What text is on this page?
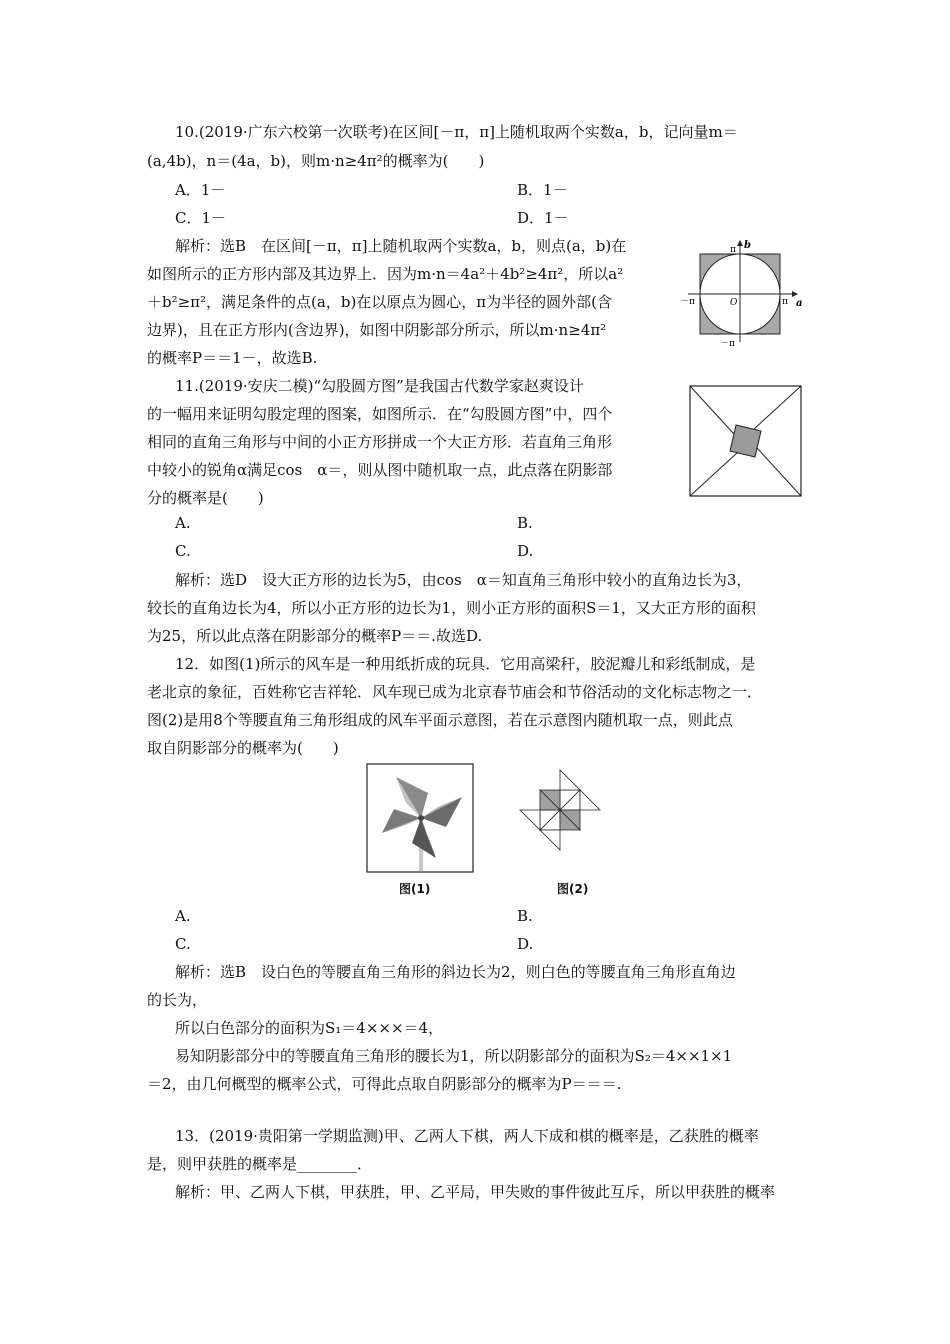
10.(2019·广东六校第一次联考)在区间[－π，π]上随机取两个实数a，b，记向量m＝
(a,4b)，n＝(4a，b)，则m·n≥4π²的概率为(　　)
A．1－	B．1－
C．1－	D．1－
解析：选B　在区间[－π，π]上随机取两个实数a，b，则点(a，b)在
如图所示的正方形内部及其边界上．因为m·n＝4a²＋4b²≥4π²，所以a²
＋b²≥π²，满足条件的点(a，b)在以原点为圆心，π为半径的圆外部(含
边界)，且在正方形内(含边界)，如图中阴影部分所示，所以m·n≥4π²
的概率P＝＝1－，故选B.
b
π
－π	O	π a
－π
11.(2019·安庆二模)“勾股圆方图”是我国古代数学家赵爽设计
的一幅用来证明勾股定理的图案，如图所示．在“勾股圆方图”中，四个
相同的直角三角形与中间的小正方形拼成一个大正方形．若直角三角形
中较小的锐角α满足cos　α＝，则从图中随机取一点，此点落在阴影部
分的概率是(　　)
A.	B.
C.	D.
解析：选D　设大正方形的边长为5，由cos　α＝知直角三角形中较小的直角边长为3，
较长的直角边长为4，所以小正方形的边长为1，则小正方形的面积S＝1，又大正方形的面积
为25，所以此点落在阴影部分的概率P＝＝.故选D.
12．如图(1)所示的风车是一种用纸折成的玩具．它用高梁秆，胶泥瓣儿和彩纸制成，是
老北京的象征，百姓称它吉祥轮．风车现已成为北京春节庙会和节俗活动的文化标志物之一．
图(2)是用8个等腰直角三角形组成的风车平面示意图，若在示意图内随机取一点，则此点
取自阴影部分的概率为(　　)
图(1)	图(2)
A.	B.
C.	D.
解析：选B　设白色的等腰直角三角形的斜边长为2，则白色的等腰直角三角形直角边
的长为，
所以白色部分的面积为S₁＝4×××＝4，
易知阴影部分中的等腰直角三角形的腰长为1，所以阴影部分的面积为S₂＝4××1×1
＝2，由几何概型的概率公式，可得此点取自阴影部分的概率为P＝＝＝.
13．(2019·贵阳第一学期监测)甲、乙两人下棋，两人下成和棋的概率是，乙获胜的概率
是，则甲获胜的概率是________．
解析：甲、乙两人下棋，甲获胜，甲、乙平局，甲失败的事件彼此互斥，所以甲获胜的概率
